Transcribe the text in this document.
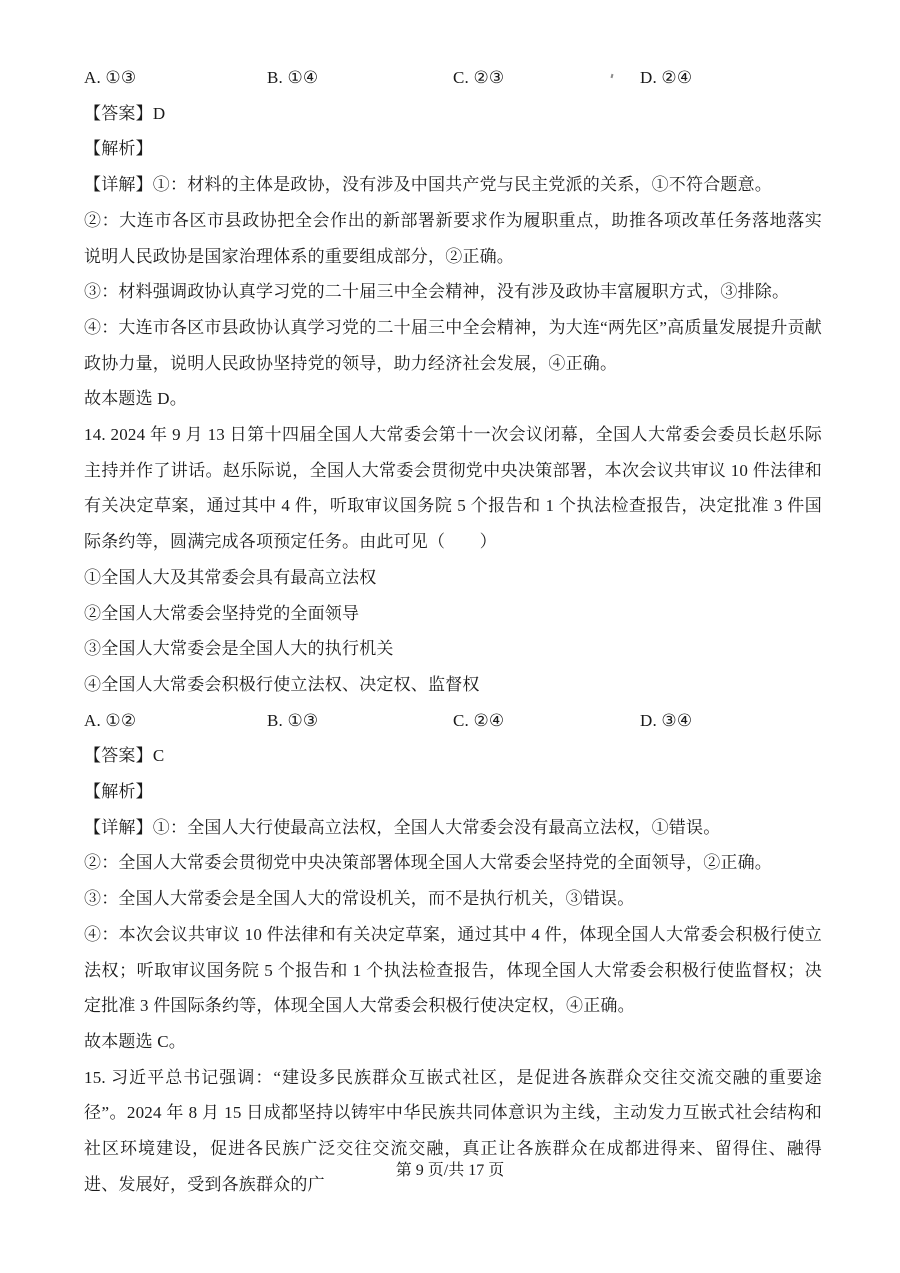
A. ①③	B. ①④	C. ②③	D. ②④

【答案】D

【解析】

【详解】①：材料的主体是政协，没有涉及中国共产党与民主党派的关系，①不符合题意。

②：大连市各区市县政协把全会作出的新部署新要求作为履职重点，助推各项改革任务落地落实说明人民政协是国家治理体系的重要组成部分，②正确。

③：材料强调政协认真学习党的二十届三中全会精神，没有涉及政协丰富履职方式，③排除。

④：大连市各区市县政协认真学习党的二十届三中全会精神，为大连“两先区”高质量发展提升贡献政协力量，说明人民政协坚持党的领导，助力经济社会发展，④正确。

故本题选 D。

14. 2024 年 9 月 13 日第十四届全国人大常委会第十一次会议闭幕，全国人大常委会委员长赵乐际主持并作了讲话。赵乐际说，全国人大常委会贯彻党中央决策部署，本次会议共审议 10 件法律和有关决定草案，通过其中 4 件，听取审议国务院 5 个报告和 1 个执法检查报告，决定批准 3 件国际条约等，圆满完成各项预定任务。由此可见（　　）

①全国人大及其常委会具有最高立法权

②全国人大常委会坚持党的全面领导

③全国人大常委会是全国人大的执行机关

④全国人大常委会积极行使立法权、决定权、监督权

A. ①②	B. ①③	C. ②④	D. ③④

【答案】C

【解析】

【详解】①：全国人大行使最高立法权，全国人大常委会没有最高立法权，①错误。

②：全国人大常委会贯彻党中央决策部署体现全国人大常委会坚持党的全面领导，②正确。

③：全国人大常委会是全国人大的常设机关，而不是执行机关，③错误。

④：本次会议共审议 10 件法律和有关决定草案，通过其中 4 件，体现全国人大常委会积极行使立法权；听取审议国务院 5 个报告和 1 个执法检查报告，体现全国人大常委会积极行使监督权；决定批准 3 件国际条约等，体现全国人大常委会积极行使决定权，④正确。

故本题选 C。

15. 习近平总书记强调：“建设多民族群众互嵌式社区，是促进各族群众交往交流交融的重要途径”。2024 年 8 月 15 日成都坚持以铸牢中华民族共同体意识为主线，主动发力互嵌式社会结构和社区环境建设，促进各民族广泛交往交流交融，真正让各族群众在成都进得来、留得住、融得进、发展好，受到各族群众的广

第 9 页/共 17 页
